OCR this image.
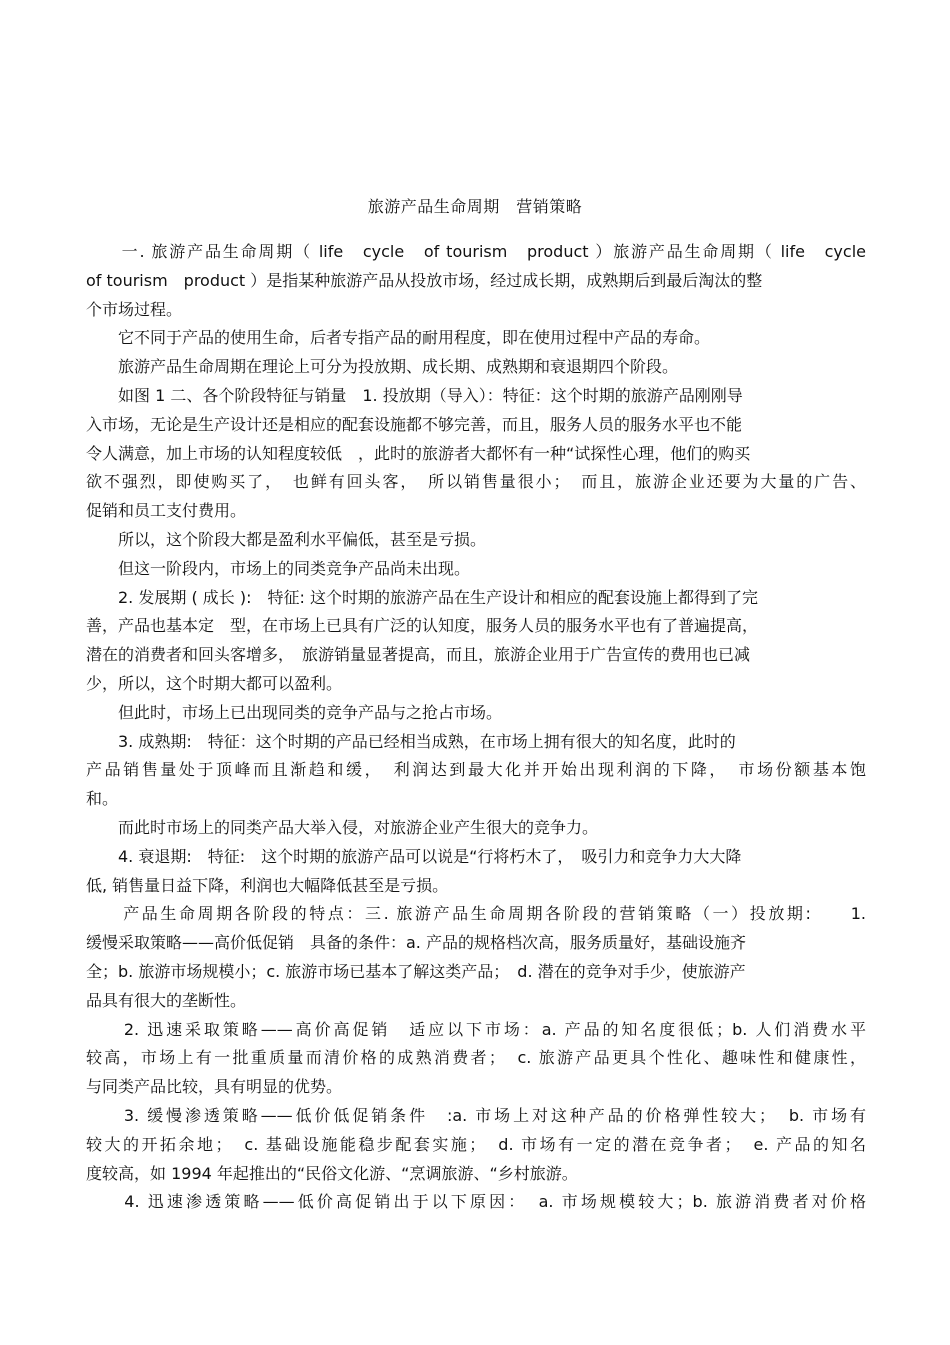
旅游产品生命周期　营销策略
　　一. 旅游产品生命周期（ life　cycle　of tourism　product ）旅游产品生命周期（ life　cycle
of tourism　product ）是指某种旅游产品从投放市场，经过成长期，成熟期后到最后淘汰的整
个市场过程。
　　它不同于产品的使用生命，后者专指产品的耐用程度，即在使用过程中产品的寿命。
　　旅游产品生命周期在理论上可分为投放期、成长期、成熟期和衰退期四个阶段。
　　如图 1 二、各个阶段特征与销量　1. 投放期（导入）：特征：这个时期的旅游产品刚刚导
入市场，无论是生产设计还是相应的配套设施都不够完善，而且，服务人员的服务水平也不能
令人满意，加上市场的认知程度较低　，此时的旅游者大都怀有一种“试探性心理，他们的购买
欲不强烈，即使购买了，　也鲜有回头客，　所以销售量很小；　而且，旅游企业还要为大量的广告、
促销和员工支付费用。
　　所以，这个阶段大都是盈利水平偏低，甚至是亏损。
　　但这一阶段内，市场上的同类竞争产品尚未出现。
　　2. 发展期 ( 成长 ):　特征: 这个时期的旅游产品在生产设计和相应的配套设施上都得到了完
善，产品也基本定　型，在市场上已具有广泛的认知度，服务人员的服务水平也有了普遍提高，
潜在的消费者和回头客增多，　旅游销量显著提高，而且，旅游企业用于广告宣传的费用也已减
少，所以，这个时期大都可以盈利。
　　但此时，市场上已出现同类的竞争产品与之抢占市场。
　　3. 成熟期:　特征：这个时期的产品已经相当成熟，在市场上拥有很大的知名度，此时的
产品销售量处于顶峰而且渐趋和缓，　利润达到最大化并开始出现利润的下降，　市场份额基本饱
和。
　　而此时市场上的同类产品大举入侵，对旅游企业产生很大的竞争力。
　　4. 衰退期:　特征:　这个时期的旅游产品可以说是“行将朽木了，　吸引力和竞争力大大降
低, 销售量日益下降，利润也大幅降低甚至是亏损。
　　产品生命周期各阶段的特点：三. 旅游产品生命周期各阶段的营销策略（一）投放期:　　1.
缓慢采取策略——高价低促销　具备的条件：a. 产品的规格档次高，服务质量好，基础设施齐
全；b. 旅游市场规模小；c. 旅游市场已基本了解这类产品；　d. 潜在的竞争对手少，使旅游产
品具有很大的垄断性。
　　2. 迅速采取策略——高价高促销　适应以下市场：a. 产品的知名度很低；b. 人们消费水平
较高，市场上有一批重质量而清价格的成熟消费者；　c. 旅游产品更具个性化、趣味性和健康性，
与同类产品比较，具有明显的优势。
　　3. 缓慢渗透策略——低价低促销条件　:a. 市场上对这种产品的价格弹性较大；　b. 市场有
较大的开拓余地；　c. 基础设施能稳步配套实施；　d. 市场有一定的潜在竞争者；　e. 产品的知名
度较高，如 1994 年起推出的“民俗文化游、“烹调旅游、“乡村旅游。
　　4. 迅速渗透策略——低价高促销出于以下原因：　a. 市场规模较大；b. 旅游消费者对价格
